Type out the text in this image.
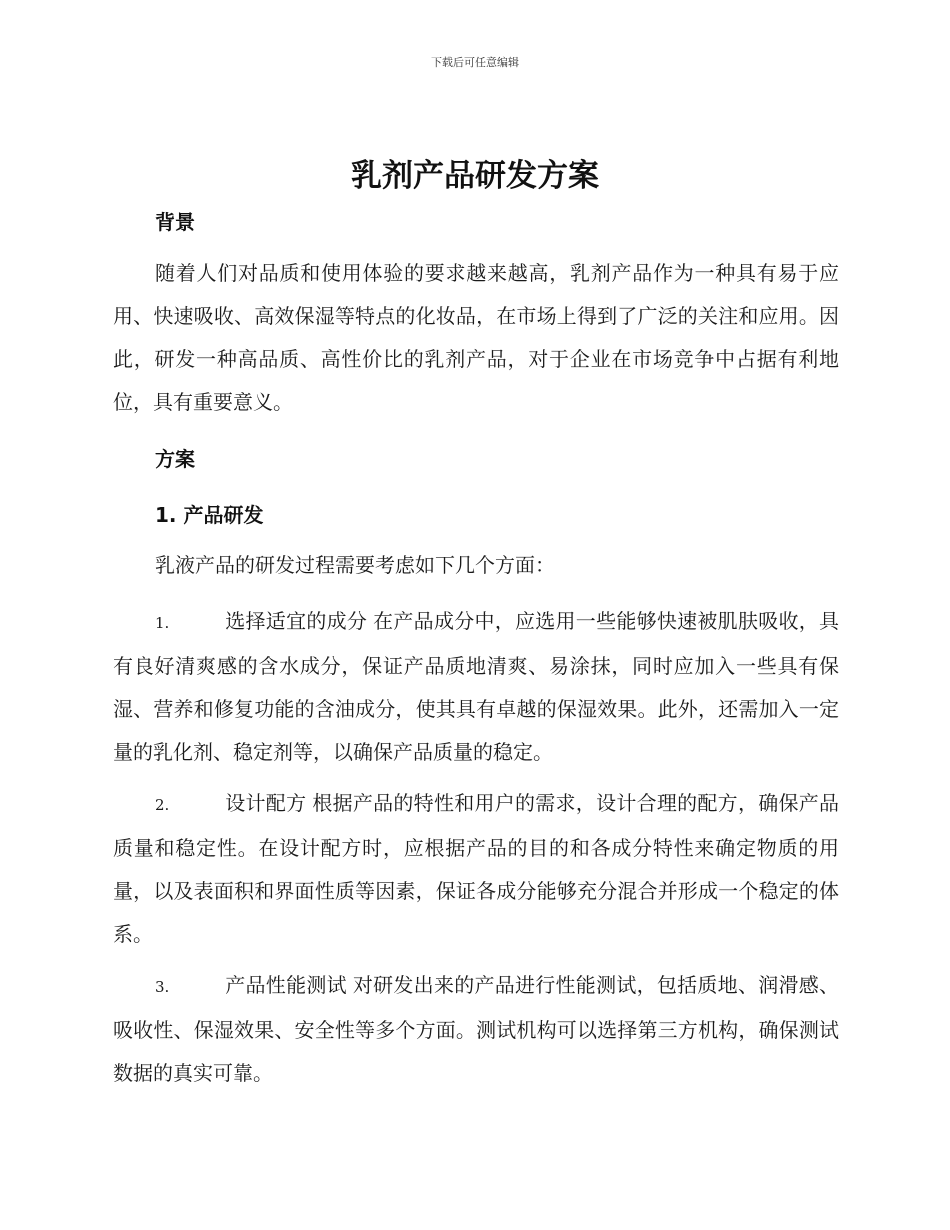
下载后可任意编辑
乳剂产品研发方案
背景

随着人们对品质和使用体验的要求越来越高，乳剂产品作为一种具有易于应用、快速吸收、高效保湿等特点的化妆品，在市场上得到了广泛的关注和应用。因此，研发一种高品质、高性价比的乳剂产品，对于企业在市场竞争中占据有利地位，具有重要意义。

方案
1. 产品研发

乳液产品的研发过程需要考虑如下几个方面：

1.	选择适宜的成分 在产品成分中，应选用一些能够快速被肌肤吸收，具有良好清爽感的含水成分，保证产品质地清爽、易涂抹，同时应加入一些具有保湿、营养和修复功能的含油成分，使其具有卓越的保湿效果。此外，还需加入一定量的乳化剂、稳定剂等，以确保产品质量的稳定。

2.	设计配方 根据产品的特性和用户的需求，设计合理的配方，确保产品质量和稳定性。在设计配方时，应根据产品的目的和各成分特性来确定物质的用量，以及表面积和界面性质等因素，保证各成分能够充分混合并形成一个稳定的体系。

3.	产品性能测试 对研发出来的产品进行性能测试，包括质地、润滑感、吸收性、保湿效果、安全性等多个方面。测试机构可以选择第三方机构，确保测试数据的真实可靠。
